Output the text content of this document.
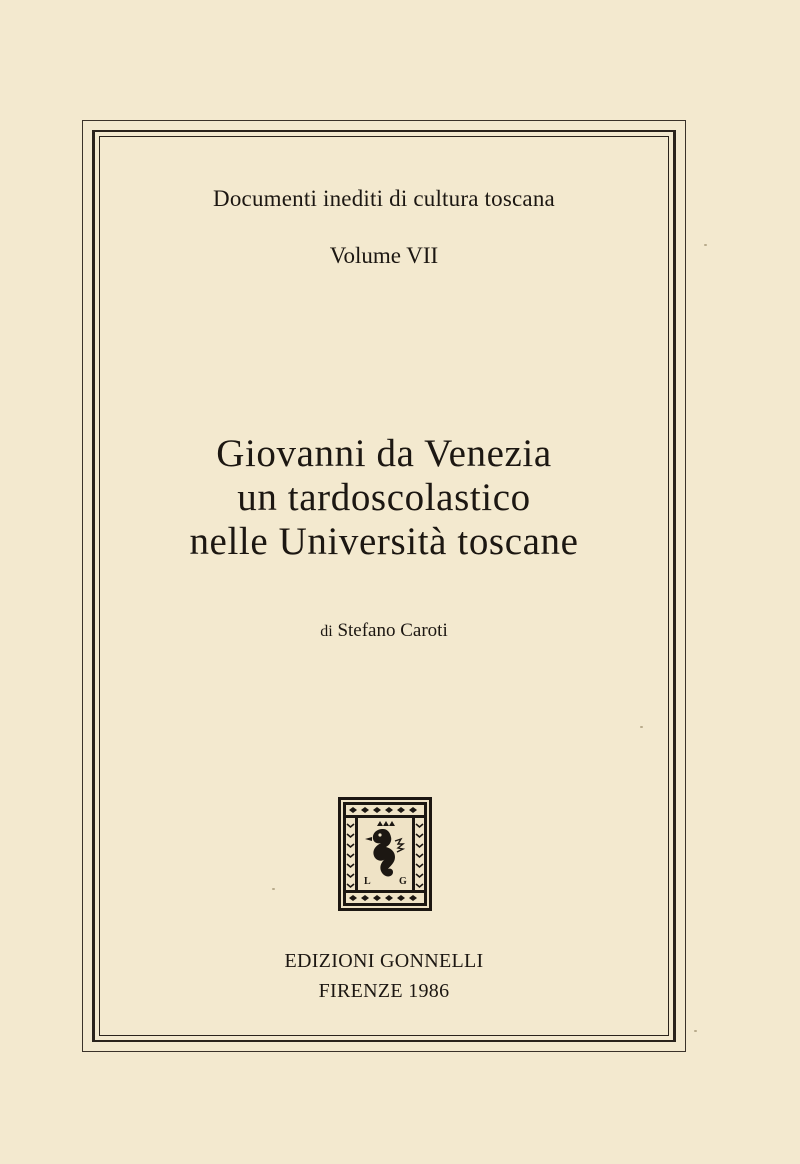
Documenti inediti di cultura toscana
Volume VII
Giovanni da Venezia
un tardoscolastico
nelle Università toscane
di Stefano Caroti
L	G
EDIZIONI GONNELLI
FIRENZE 1986
